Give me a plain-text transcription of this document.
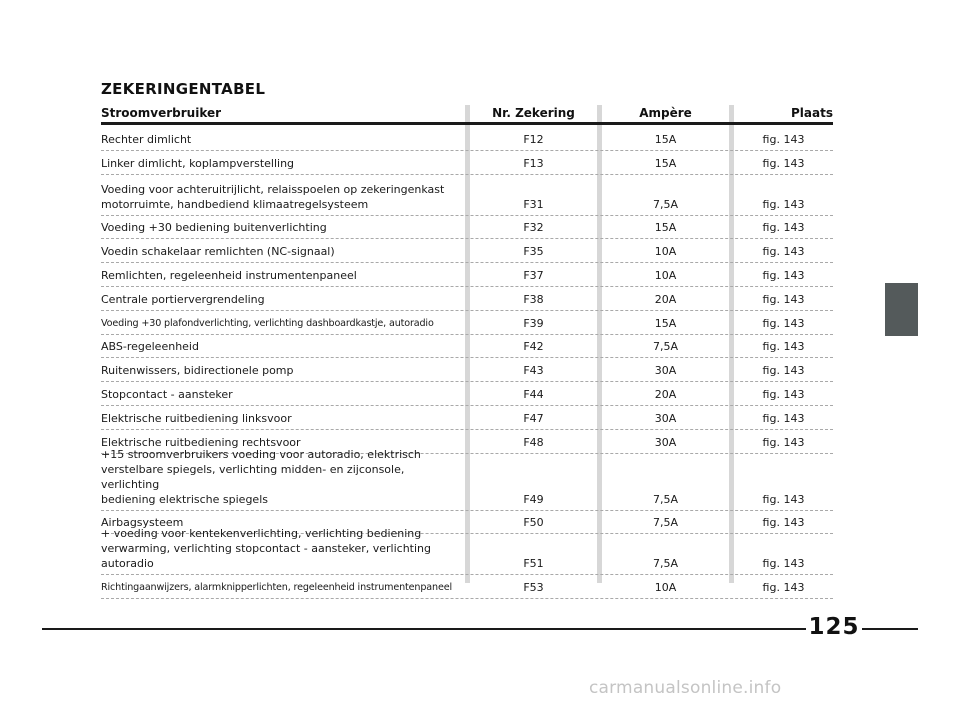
ZEKERINGENTABEL
Stroomverbruiker	Nr. Zekering	Ampère	Plaats
Rechter dimlicht	F12	15A	fig. 143
Linker dimlicht, koplampverstelling	F13	15A	fig. 143
Voeding voor achteruitrijlicht, relaisspoelen op zekeringenkast
motorruimte, handbediend klimaatregelsysteem	F31	7,5A	fig. 143
Voeding +30 bediening buitenverlichting	F32	15A	fig. 143
Voedin schakelaar remlichten (NC-signaal)	F35	10A	fig. 143
Remlichten, regeleenheid instrumentenpaneel	F37	10A	fig. 143
Centrale portiervergrendeling	F38	20A	fig. 143
Voeding +30 plafondverlichting, verlichting dashboardkastje, autoradio	F39	15A	fig. 143
ABS-regeleenheid	F42	7,5A	fig. 143
Ruitenwissers, bidirectionele pomp	F43	30A	fig. 143
Stopcontact - aansteker	F44	20A	fig. 143
Elektrische ruitbediening linksvoor	F47	30A	fig. 143
Elektrische ruitbediening rechtsvoor	F48	30A	fig. 143
+15 stroomverbruikers voeding voor autoradio, elektrisch
verstelbare spiegels, verlichting midden- en zijconsole, verlichting
bediening elektrische spiegels	F49	7,5A	fig. 143
Airbagsysteem	F50	7,5A	fig. 143
+ voeding voor kentekenverlichting, verlichting bediening
verwarming, verlichting stopcontact - aansteker, verlichting autoradio	F51	7,5A	fig. 143
Richtingaanwijzers, alarmknipperlichten, regeleenheid instrumentenpaneel	F53	10A	fig. 143
125
carmanualsonline.info
